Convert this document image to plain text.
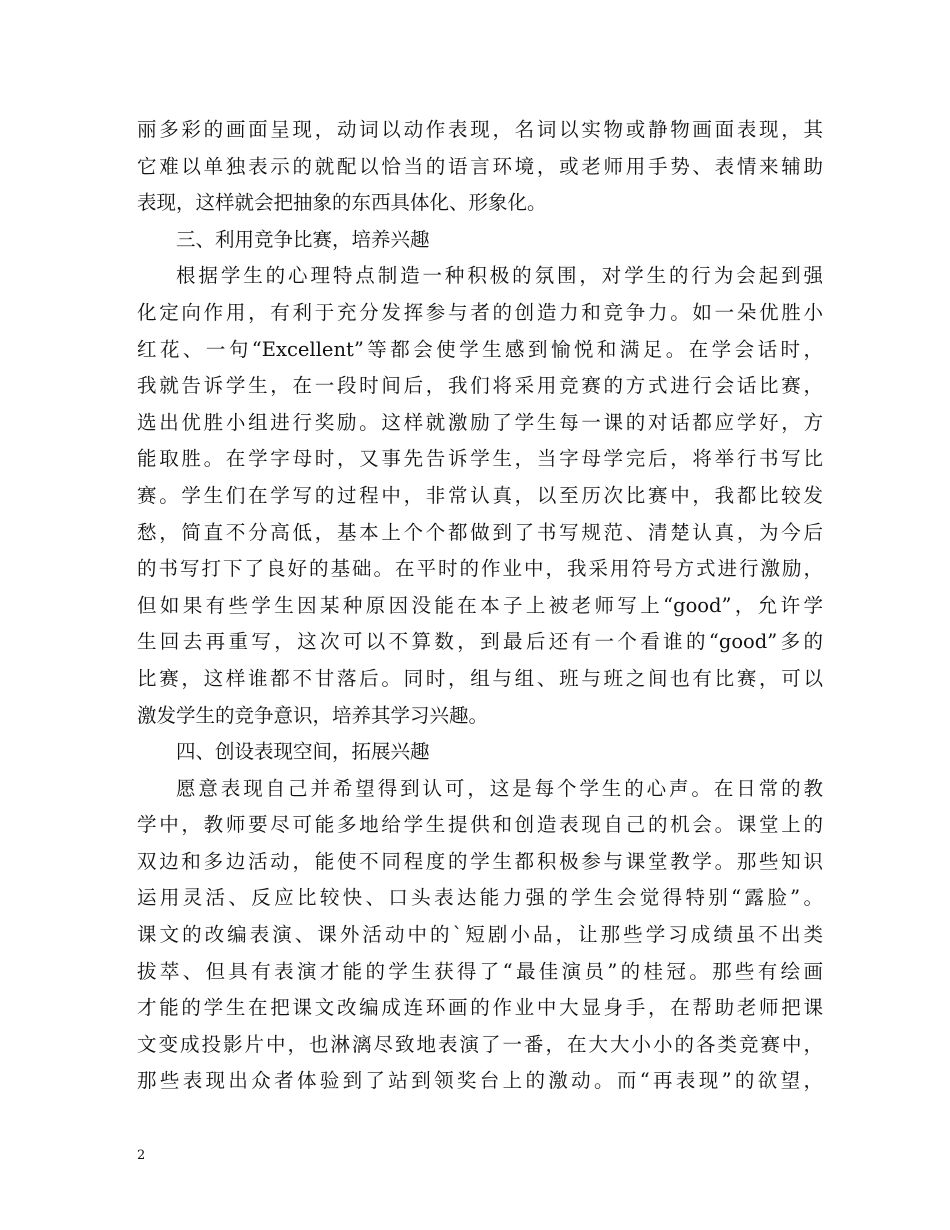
丽多彩的画面呈现，动词以动作表现，名词以实物或静物画面表现，其
它难以单独表示的就配以恰当的语言环境，或老师用手势、表情来辅助
表现，这样就会把抽象的东西具体化、形象化。
三、利用竞争比赛，培养兴趣
根据学生的心理特点制造一种积极的氛围，对学生的行为会起到强
化定向作用，有利于充分发挥参与者的创造力和竞争力。如一朵优胜小
红花、一句“Excellent”等都会使学生感到愉悦和满足。在学会话时，
我就告诉学生，在一段时间后，我们将采用竞赛的方式进行会话比赛，
选出优胜小组进行奖励。这样就激励了学生每一课的对话都应学好，方
能取胜。在学字母时，又事先告诉学生，当字母学完后，将举行书写比
赛。学生们在学写的过程中，非常认真，以至历次比赛中，我都比较发
愁，简直不分高低，基本上个个都做到了书写规范、清楚认真，为今后
的书写打下了良好的基础。在平时的作业中，我采用符号方式进行激励，
但如果有些学生因某种原因没能在本子上被老师写上“good”，允许学
生回去再重写，这次可以不算数，到最后还有一个看谁的“good”多的
比赛，这样谁都不甘落后。同时，组与组、班与班之间也有比赛，可以
激发学生的竞争意识，培养其学习兴趣。
四、创设表现空间，拓展兴趣
愿意表现自己并希望得到认可，这是每个学生的心声。在日常的教
学中，教师要尽可能多地给学生提供和创造表现自己的机会。课堂上的
双边和多边活动，能使不同程度的学生都积极参与课堂教学。那些知识
运用灵活、反应比较快、口头表达能力强的学生会觉得特别“露脸”。
课文的改编表演、课外活动中的`短剧小品，让那些学习成绩虽不出类
拔萃、但具有表演才能的学生获得了“最佳演员”的桂冠。那些有绘画
才能的学生在把课文改编成连环画的作业中大显身手，在帮助老师把课
文变成投影片中，也淋漓尽致地表演了一番，在大大小小的各类竞赛中，
那些表现出众者体验到了站到领奖台上的激动。而“再表现”的欲望，
2
